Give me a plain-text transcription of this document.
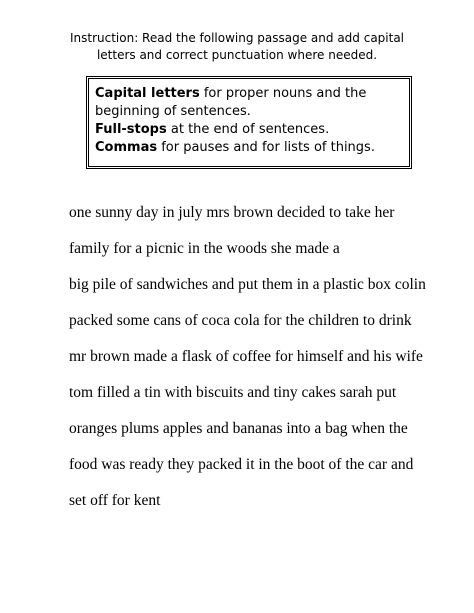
Instruction: Read the following passage and add capital
letters and correct punctuation where needed.
Capital letters for proper nouns and the
beginning of sentences.
Full-stops at the end of sentences.
Commas for pauses and for lists of things.
one sunny day in july mrs brown decided to take her
family for a picnic in the woods she made a
big pile of sandwiches and put them in a plastic box colin
packed some cans of coca cola for the children to drink
mr brown made a flask of coffee for himself and his wife
tom filled a tin with biscuits and tiny cakes sarah put
oranges plums apples and bananas into a bag when the
food was ready they packed it in the boot of the car and
set off for kent
